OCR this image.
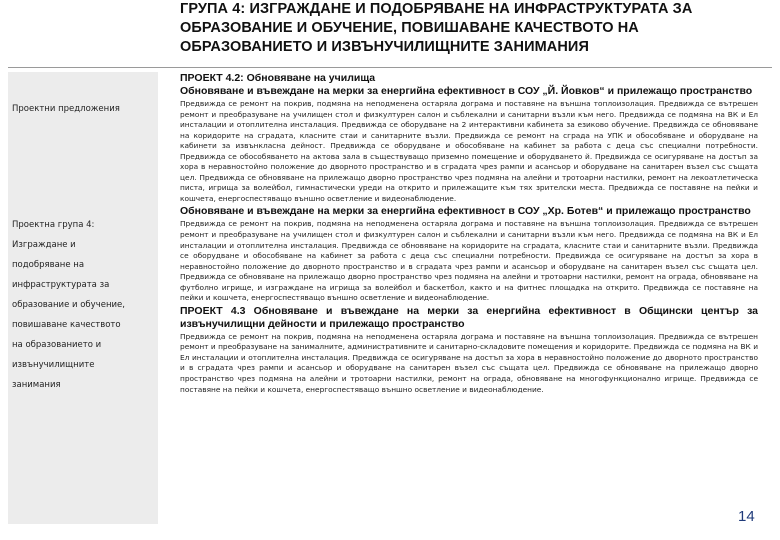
ГРУПА 4: ИЗГРАЖДАНЕ И ПОДОБРЯВАНЕ НА ИНФРАСТРУКТУРАТА ЗА ОБРАЗОВАНИЕ И ОБУЧЕНИЕ, ПОВИШАВАНЕ КАЧЕСТВОТО НА ОБРАЗОВАНИЕТО И ИЗВЪНУЧИЛИЩНИТЕ ЗАНИМАНИЯ
Проектни предложения
Проектна група 4:
Изграждане и
подобряване на
инфраструктурата за
образование и обучение,
повишаване качеството
на образованието и
извънучилищните
занимания
ПРОЕКТ 4.2: Обновяване на училища
Обновяване и въвеждане на мерки за енергийна ефективност в СОУ „Й. Йовков“ и прилежащо пространство
Предвижда се ремонт на покрив, подмяна на неподменена остаряла дограма и поставяне на външна топлоизолация. Предвижда се вътрешен ремонт и преобразуване на училищен стол и физкултурен салон и съблекални и санитарни възли към него. Предвижда се подмяна на ВК и Ел инсталации и отоплителна инсталация. Предвижда се оборудване на 2 интерактивни кабинета за езиково обучение. Предвижда се обновяване на коридорите на сградата, класните стаи и санитарните възли. Предвижда се ремонт на сграда на УПК и обособяване и оборудване на кабинети за извънкласна дейност. Предвижда се оборудване и обособяване на кабинет за работа с деца със специални потребности. Предвижда се обособяването на актова зала в съществуващо приземно помещение и оборудването й. Предвижда се осигуряване на достъп за хора в неравностойно положение до дворното пространство и в сградата чрез рампи и асансьор и оборудване на санитарен възел със същата цел. Предвижда се обновяване на прилежащо дворно пространство чрез подмяна на алейни и тротоарни настилки, ремонт на лекоатлетическа писта, игрища за волейбол, гимнастически уреди на открито и прилежащите към тях зрителски места. Предвижда се поставяне на пейки и кошчета, енергоспестяващо външно осветление и видеонаблюдение.
Обновяване и въвеждане на мерки за енергийна ефективност в СОУ „Хр. Ботев“ и прилежащо пространство
Предвижда се ремонт на покрив, подмяна на неподменена остаряла дограма и поставяне на външна топлоизолация. Предвижда се вътрешен ремонт и преобразуване на училищен стол и физкултурен салон и съблекални и санитарни възли към него. Предвижда се подмяна на ВК и Ел инсталации и отоплителна инсталация. Предвижда се обновяване на коридорите на сградата, класните стаи и санитарните възли. Предвижда се оборудване и обособяване на кабинет за работа с деца със специални потребности. Предвижда се осигуряване на достъп за хора в неравностойно положение до дворното пространство и в сградата чрез рампи и асансьор и оборудване на санитарен възел със същата цел. Предвижда се обновяване на прилежащо дворно пространство чрез подмяна на алейни и тротоарни настилки, ремонт на ограда, обновяване на футболно игрище, и изграждане на игрища за волейбол и баскетбол, както и на фитнес площадка на открито. Предвижда се поставяне на пейки и кошчета, енергоспестяващо външно осветление и видеонаблюдение.
ПРОЕКТ 4.3 Обновяване и въвеждане на мерки за енергийна ефективност в Общински център за извънучилищни дейности и прилежащо пространство
Предвижда се ремонт на покрив, подмяна на неподменена остаряла дограма и поставяне на външна топлоизолация. Предвижда се вътрешен ремонт и преобразуване на занималните, административните и санитарно-складовите помещения и коридорите. Предвижда се подмяна на ВК и Ел инсталации и отоплителна инсталация. Предвижда се осигуряване на достъп за хора в неравностойно положение до дворното пространство и в сградата чрез рампи и асансьор и оборудване на санитарен възел със същата цел. Предвижда се обновяване на прилежащо дворно пространство чрез подмяна на алейни и тротоарни настилки, ремонт на ограда, обновяване на многофункционално игрище. Предвижда се поставяне на пейки и кошчета, енергоспестяващо външно осветление и видеонаблюдение.
14
